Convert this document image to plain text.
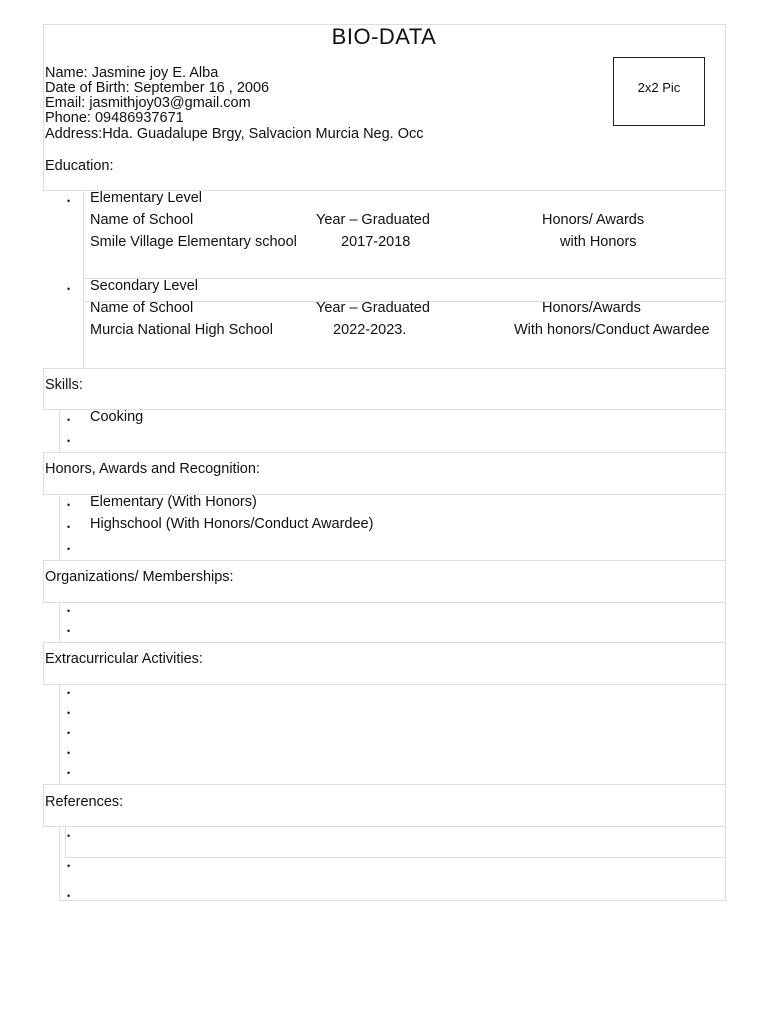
BIO-DATA
2x2 Pic
Name: Jasmine joy E. Alba
Date of Birth: September 16 , 2006
Email: jasmithjoy03@gmail.com
Phone: 09486937671
Address:Hda. Guadalupe Brgy, Salvacion Murcia Neg. Occ
Education:
• Elementary Level
Name of School	Year – Graduated	Honors/ Awards
Smile Village Elementary school	2017-2018	with Honors
• Secondary Level
Name of School	Year – Graduated	Honors/Awards
Murcia National High School	2022-2023.	With honors/Conduct Awardee
Skills:
• Cooking
•
Honors, Awards and Recognition:
• Elementary (With Honors)
• Highschool (With Honors/Conduct Awardee)
•
Organizations/ Memberships:
•
•
Extracurricular Activities:
•
•
•
•
•
References:
•
•
•
